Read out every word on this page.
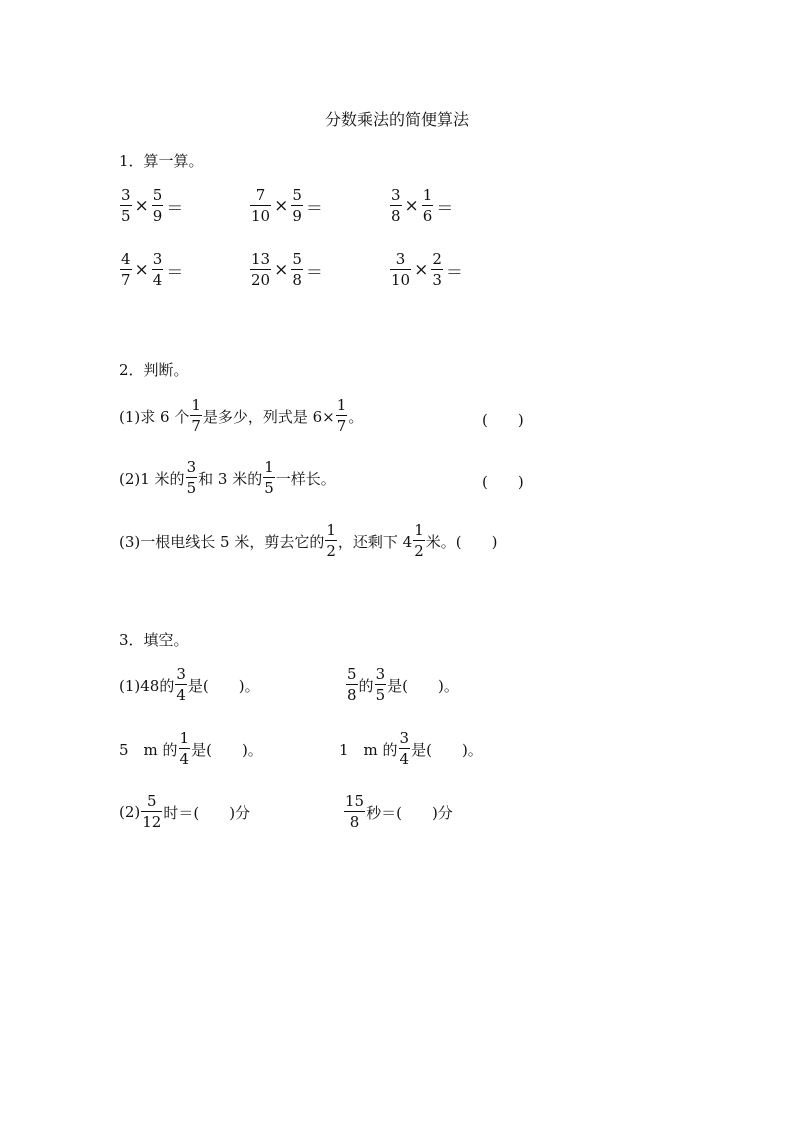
分数乘法的简便算法
1．算一算。
$\frac{3}{5} \times \frac{5}{9}$ ＝	$\frac{7}{10} \times \frac{5}{9}$ ＝	$\frac{3}{8} \times \frac{1}{6}$ ＝
$\frac{4}{7} \times \frac{3}{4}$ ＝	$\frac{13}{20} \times \frac{5}{8}$ ＝	$\frac{3}{10} \times \frac{2}{3}$ ＝
2．判断。
(1)求 6 个 $\frac{1}{7}$ 是多少，列式是 $6\times \frac{1}{7}$ 。	(　　)
(2)1 米的 $\frac{3}{5}$ 和 3 米的 $\frac{1}{5}$ 一样长。	(　　)
(3)一根电线长 5 米，剪去它的 $\frac{1}{2}$ ，还剩下 $4 \frac{1}{2}$ 米。 (　　)
3．填空。
(1)48的 $\frac{3}{4}$ 是(　　)。	$\frac{5}{8}$ 的 $\frac{3}{5}$ 是(　　)。
5　m 的 $\frac{1}{4}$ 是(　　)。	1　m 的 $\frac{3}{4}$ 是(　　)。
$(2) \frac{5}{12}$ 时＝(　　)分	$\frac{15}{8}$ 秒＝(　　)分
